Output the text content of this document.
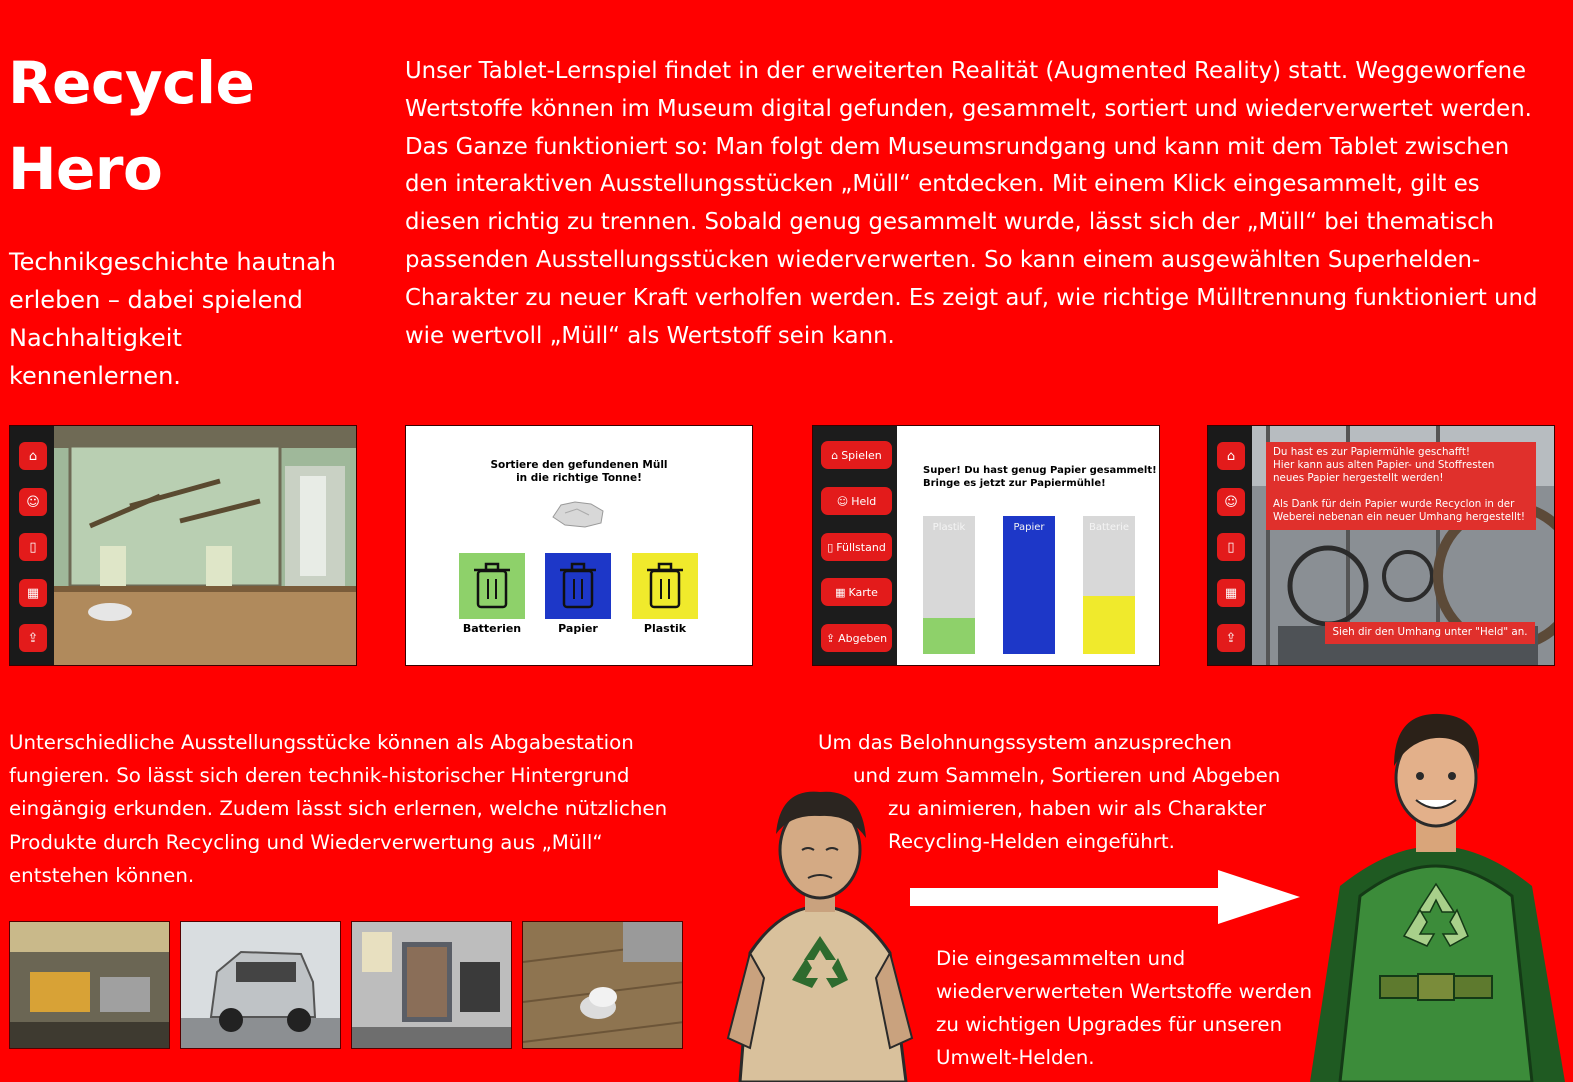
Recycle
Hero
Technikgeschichte hautnah erleben – dabei spielend Nachhaltigkeit kennenlernen.
Unser Tablet-Lernspiel findet in der erweiterten Realität (Augmented Reality) statt. Weggeworfene Wertstoffe können im Museum digital gefunden, gesammelt, sortiert und wiederverwertet werden. Das Ganze funktioniert so: Man folgt dem Museumsrundgang und kann mit dem Tablet zwischen den interaktiven Ausstellungsstücken „Müll“ entdecken. Mit einem Klick eingesammelt, gilt es diesen richtig zu trennen. Sobald genug gesammelt wurde, lässt sich der „Müll“ bei thematisch passenden Ausstellungsstücken wiederverwerten. So kann einem ausgewählten Superhelden-Charakter zu neuer Kraft verholfen werden. Es zeigt auf, wie richtige Mülltrennung funktioniert und wie wertvoll „Müll“ als Wertstoff sein kann.
⌂
☺
▯
▦
⇪
Sortiere den gefundenen Müll
in die richtige Tonne!
Batterien	Papier	Plastik
⌂ Spielen
☺ Held
▯ Füllstand
▦ Karte
⇪ Abgeben
Super! Du hast genug Papier gesammelt!
Bringe es jetzt zur Papiermühle!
Plastik	Papier	Batterie
⌂
☺
▯
▦
⇪
Du hast es zur Papiermühle geschafft!
Hier kann aus alten Papier- und Stoffresten
neues Papier hergestellt werden!
Als Dank für dein Papier wurde Recyclon in der
Weberei nebenan ein neuer Umhang hergestellt!
Sieh dir den Umhang unter "Held" an.
Unterschiedliche Ausstellungsstücke können als Abgabestation fungieren. So lässt sich deren technik-historischer Hintergrund eingängig erkunden. Zudem lässt sich erlernen, welche nützlichen Produkte durch Recycling und Wiederverwertung aus „Müll“ entstehen können.
Um das Belohnungssystem anzusprechen
und zum Sammeln, Sortieren und Abgeben
zu animieren, haben wir als Charakter
Recycling-Helden eingeführt.
Die eingesammelten und wiederverwerteten Wertstoffe werden zu wichtigen Upgrades für unseren Umwelt-Helden.
